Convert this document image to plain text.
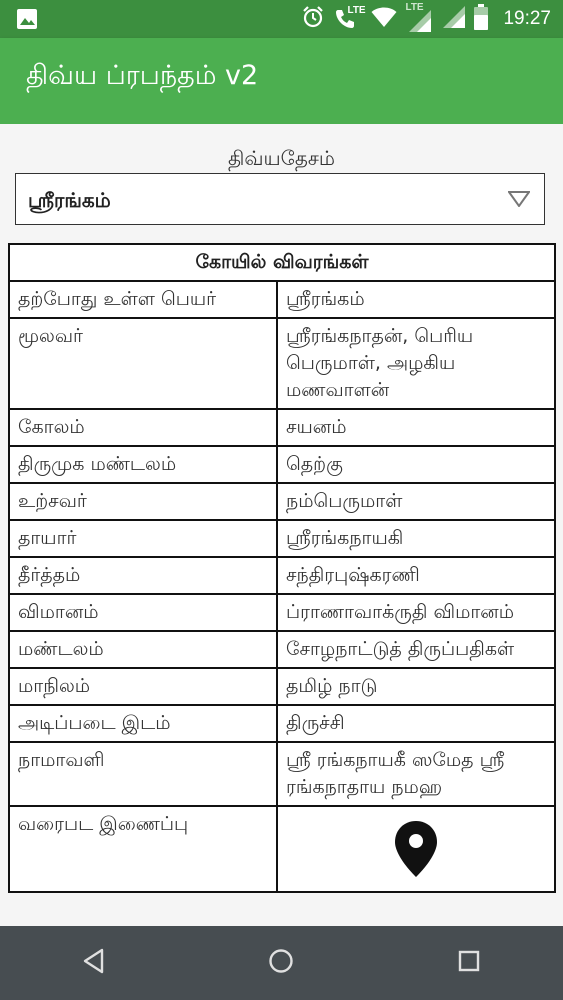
LTE	LTE
19:27
திவ்ய ப்ரபந்தம் v2
திவ்யதேசம்
ஸ்ரீரங்கம்
கோயில் விவரங்கள்	
தற்போது உள்ள பெயர்	ஸ்ரீரங்கம்
மூலவர்	ஸ்ரீரங்கநாதன், பெரிய பெருமாள், அழகிய மணவாளன்
கோலம்	சயனம்
திருமுக மண்டலம்	தெற்கு
உற்சவர்	நம்பெருமாள்
தாயார்	ஸ்ரீரங்கநாயகி
தீர்த்தம்	சந்திரபுஷ்கரணி
விமானம்	ப்ராணாவாக்ருதி விமானம்
மண்டலம்	சோழநாட்டுத் திருப்பதிகள்
மாநிலம்	தமிழ் நாடு
அடிப்படை இடம்	திருச்சி
நாமாவளி	ஸ்ரீ ரங்கநாயகீ ஸமேத ஸ்ரீ ரங்கநாதாய நமஹ
வரைபட இணைப்பு	
